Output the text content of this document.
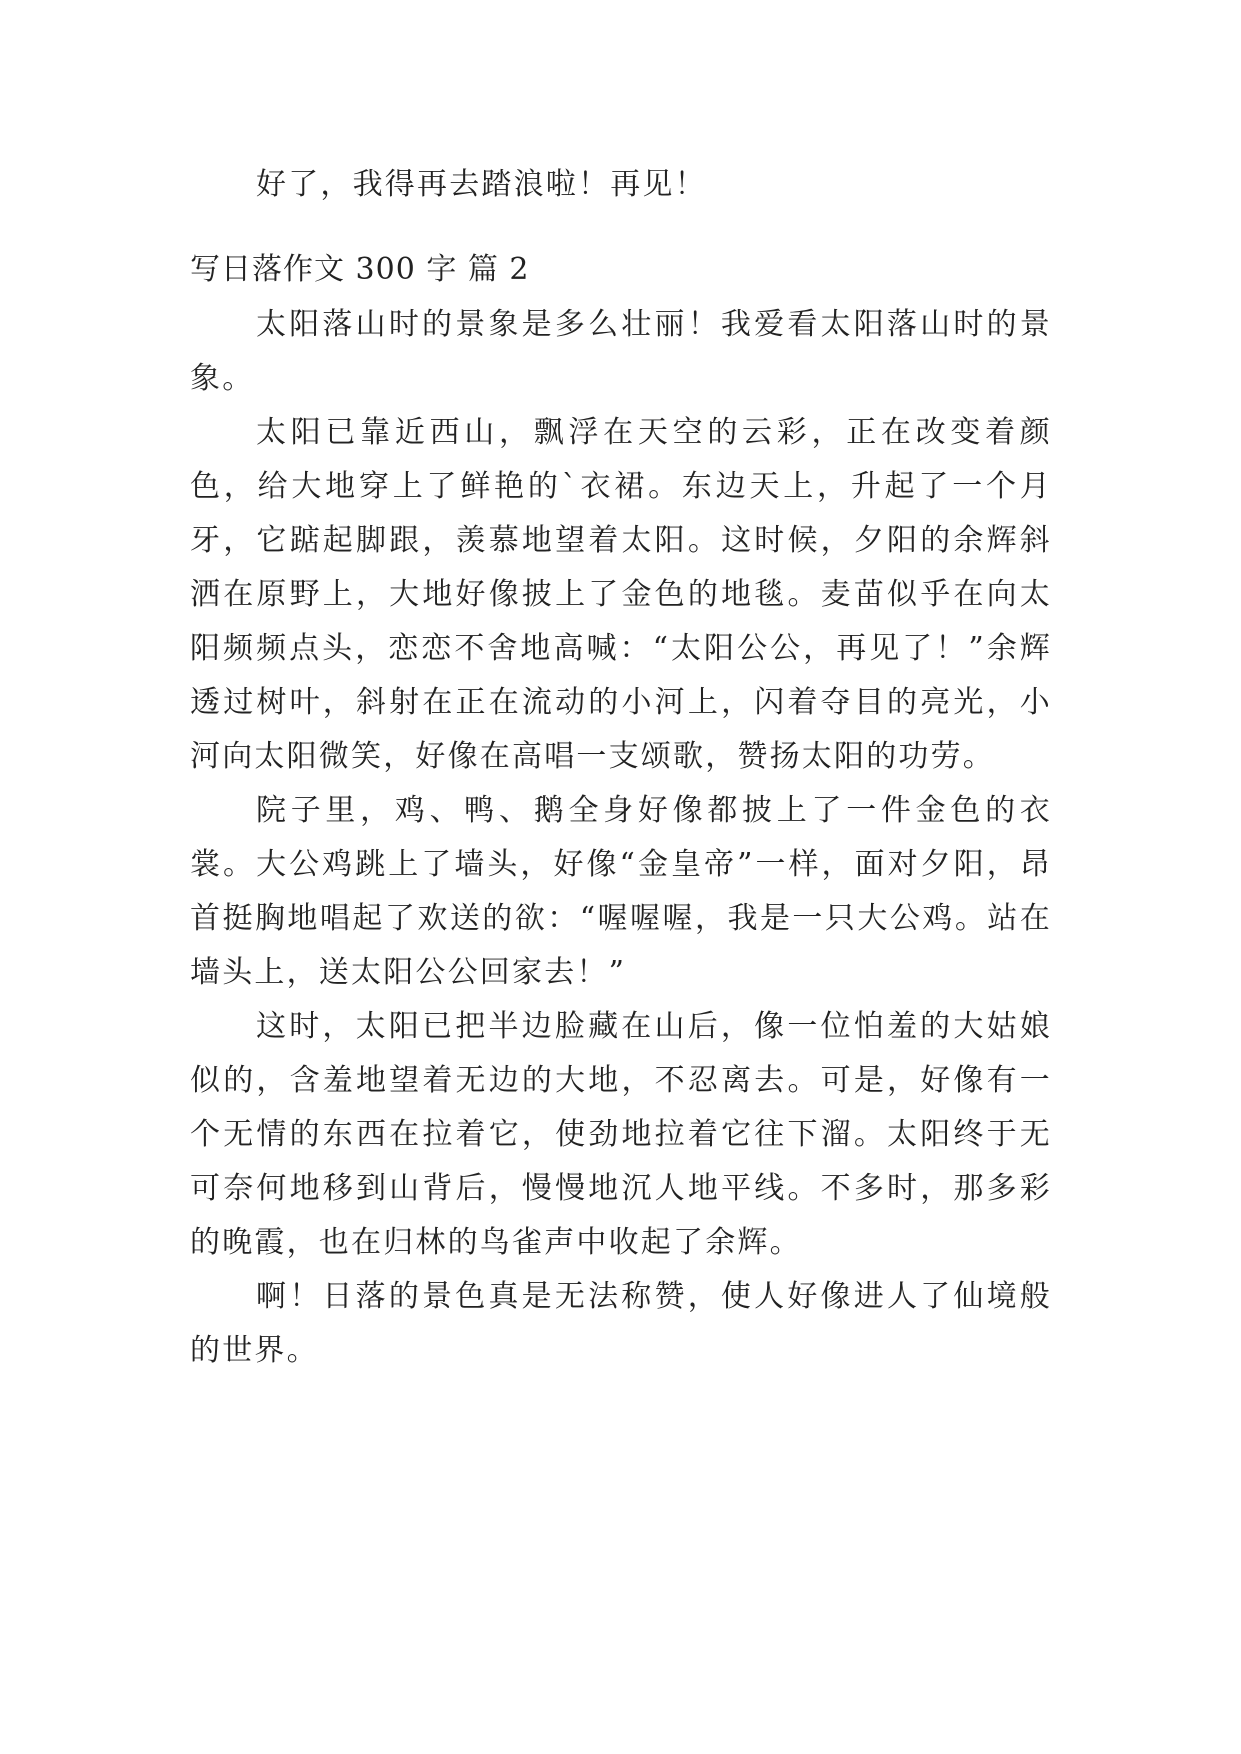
好了，我得再去踏浪啦！再见！

写日落作文 300 字 篇 2

太阳落山时的景象是多么壮丽！我爱看太阳落山时的景象。

太阳已靠近西山，飘浮在天空的云彩，正在改变着颜色，给大地穿上了鲜艳的`衣裙。东边天上，升起了一个月牙，它踮起脚跟，羡慕地望着太阳。这时候，夕阳的余辉斜洒在原野上，大地好像披上了金色的地毯。麦苗似乎在向太阳频频点头，恋恋不舍地高喊：“太阳公公，再见了！”余辉透过树叶，斜射在正在流动的小河上，闪着夺目的亮光，小河向太阳微笑，好像在高唱一支颂歌，赞扬太阳的功劳。

院子里，鸡、鸭、鹅全身好像都披上了一件金色的衣裳。大公鸡跳上了墙头，好像“金皇帝”一样，面对夕阳，昂首挺胸地唱起了欢送的欲：“喔喔喔，我是一只大公鸡。站在墙头上，送太阳公公回家去！”

这时，太阳已把半边脸藏在山后，像一位怕羞的大姑娘似的，含羞地望着无边的大地，不忍离去。可是，好像有一个无情的东西在拉着它，使劲地拉着它往下溜。太阳终于无可奈何地移到山背后，慢慢地沉人地平线。不多时，那多彩的晚霞，也在归林的鸟雀声中收起了余辉。

啊！日落的景色真是无法称赞，使人好像进人了仙境般的世界。
